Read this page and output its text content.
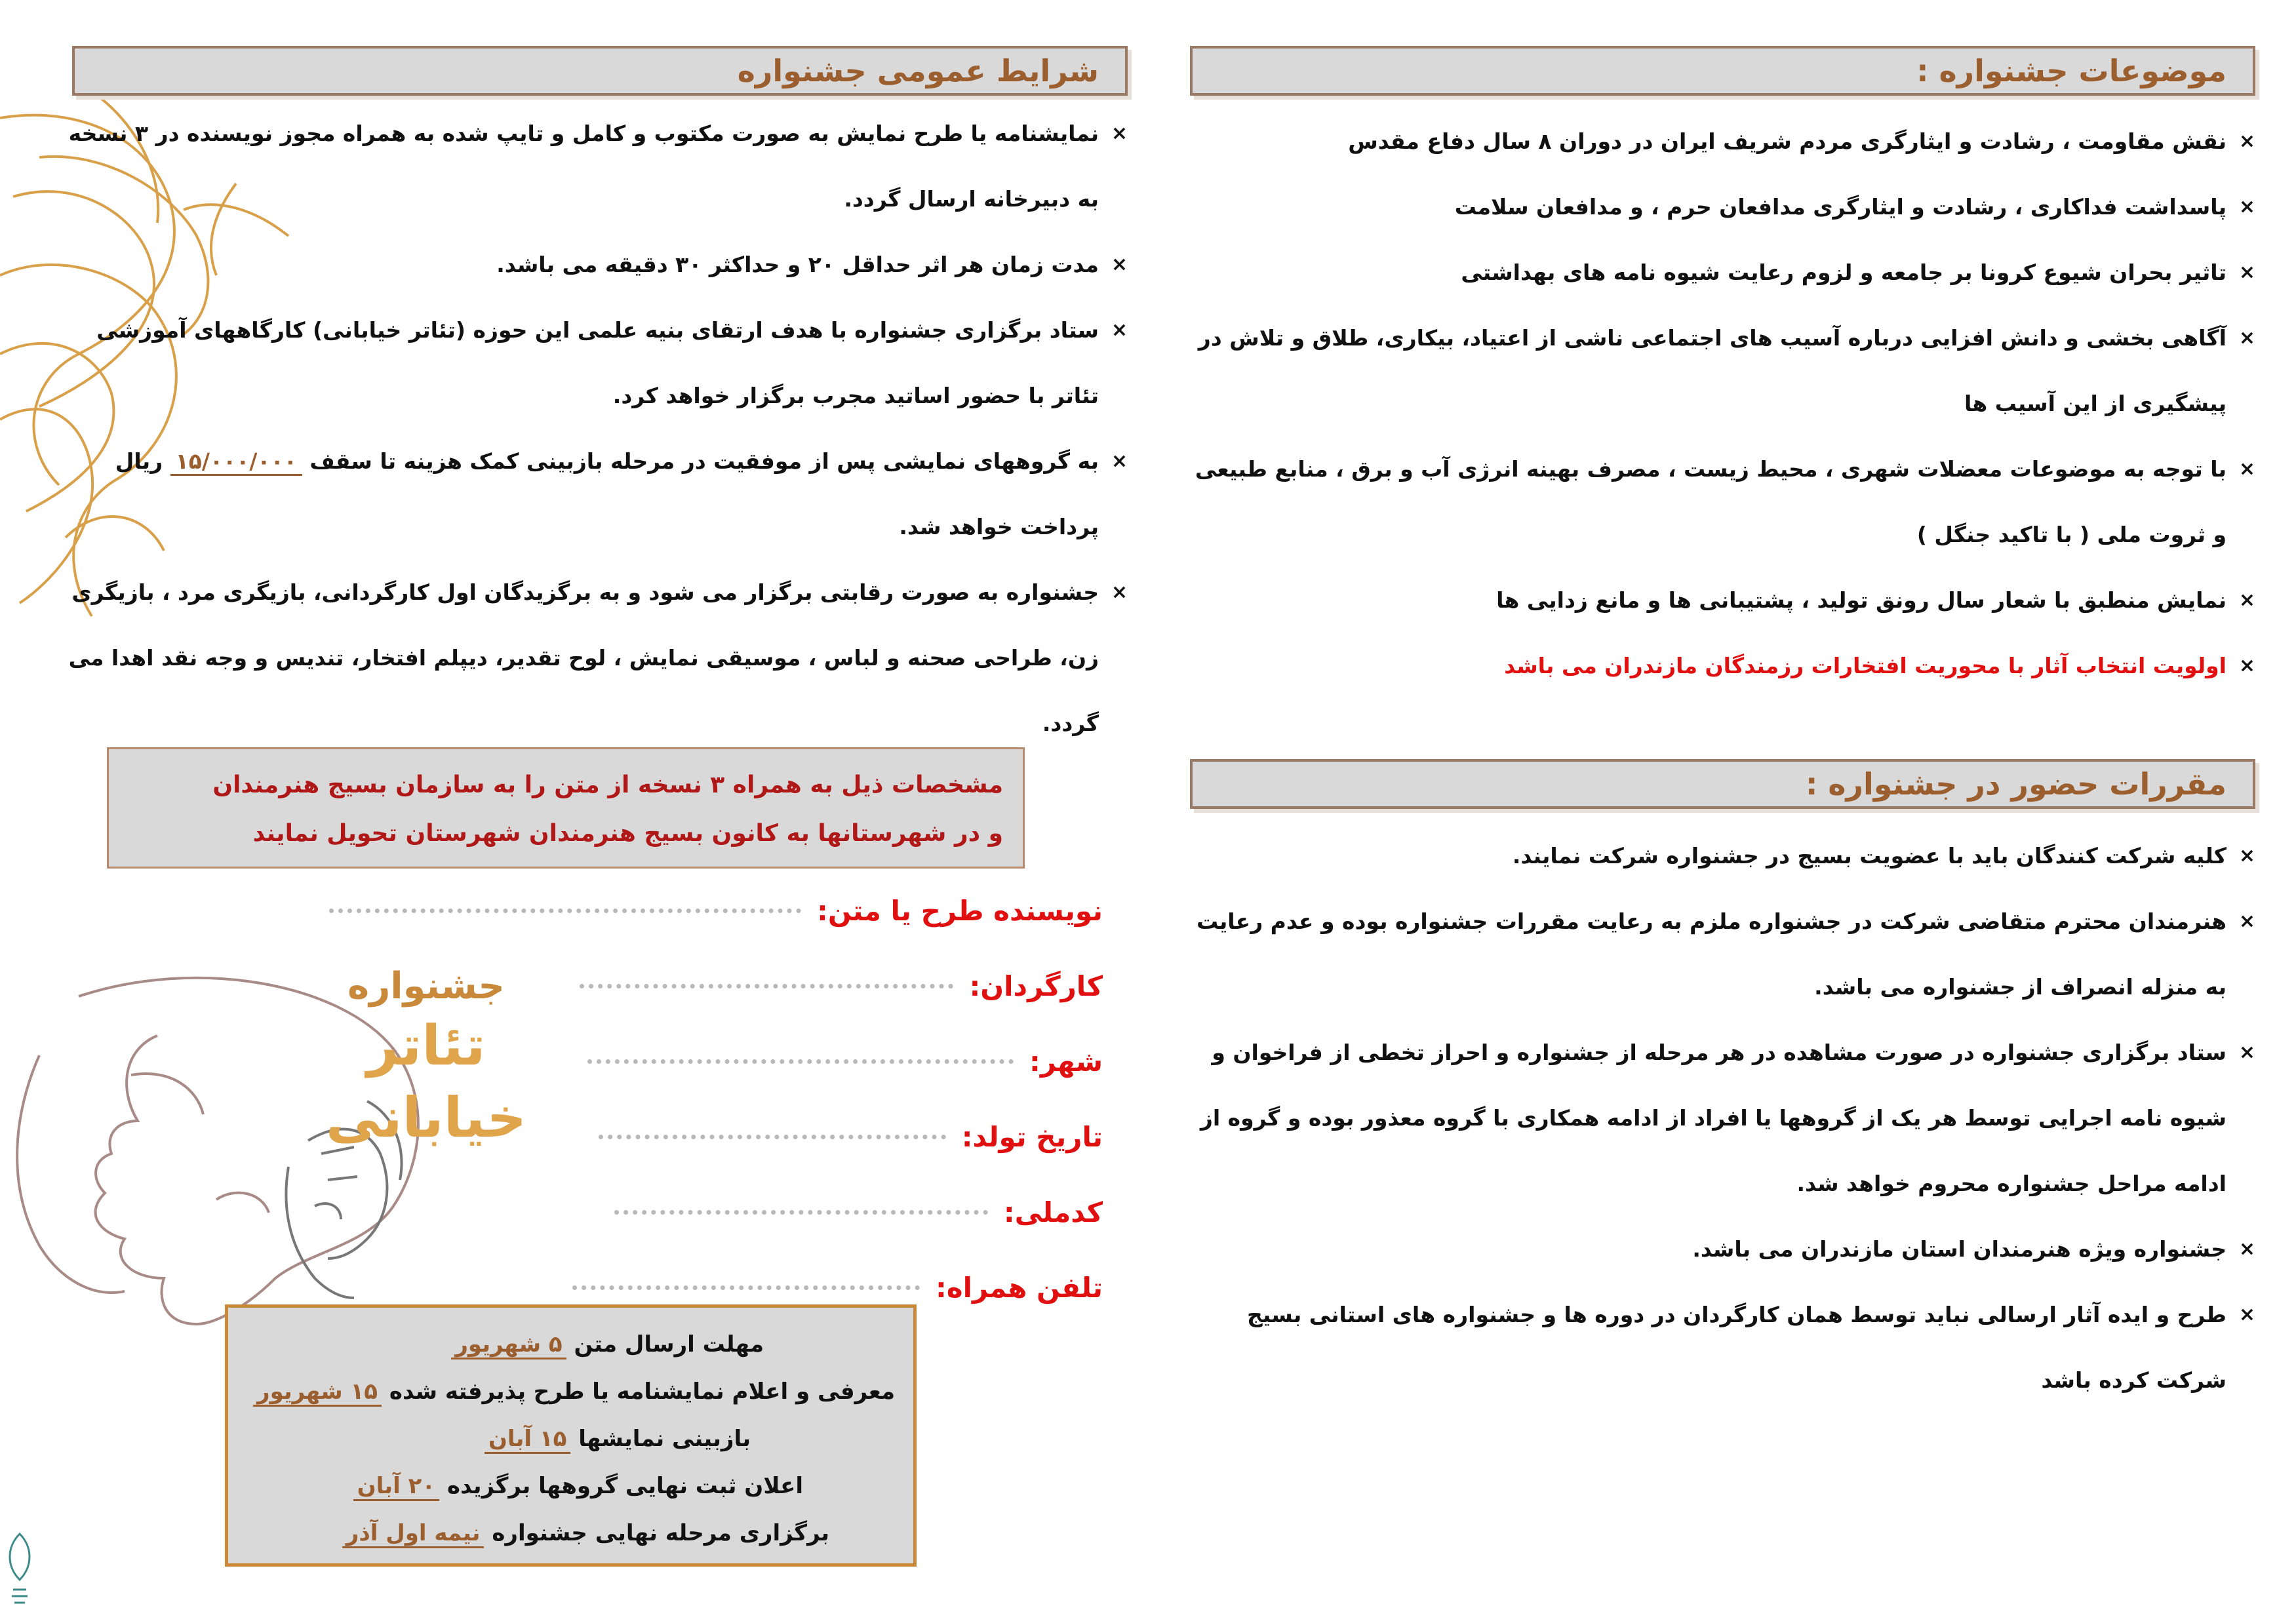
موضوعات جشنواره :
× نقش مقاومت ، رشادت و ایثارگری مردم شریف ایران در دوران ۸ سال دفاع مقدس
× پاسداشت فداکاری ، رشادت و ایثارگری مدافعان حرم ، و مدافعان سلامت
× تاثیر بحران شیوع کرونا بر جامعه و لزوم رعایت شیوه نامه های بهداشتی
× آگاهی بخشی و دانش افزایی درباره آسیب های اجتماعی ناشی از اعتیاد، بیکاری، طلاق و تلاش در پیشگیری از این آسیب ها
× با توجه به موضوعات معضلات شهری ، محیط زیست ، مصرف بهینه انرژی آب و برق ، منابع طبیعی و ثروت ملی ( با تاکید جنگل )
× نمایش منطبق با شعار سال رونق تولید ، پشتیبانی ها و مانع زدایی ها
× اولویت انتخاب آثار با محوریت افتخارات رزمندگان مازندران می باشد
مقررات حضور در جشنواره :
× کلیه شرکت کنندگان باید با عضویت بسیج در جشنواره شرکت نمایند.
× هنرمندان محترم متقاضی شرکت در جشنواره ملزم به رعایت مقررات جشنواره بوده و عدم رعایت به منزله انصراف از جشنواره می باشد.
× ستاد برگزاری جشنواره در صورت مشاهده در هر مرحله از جشنواره و احراز تخطی از فراخوان و شیوه نامه اجرایی توسط هر یک از گروهها یا افراد از ادامه همکاری با گروه معذور بوده و گروه از ادامه مراحل جشنواره محروم خواهد شد.
× جشنواره ویژه هنرمندان استان مازندران می باشد.
× طرح و ایده آثار ارسالی نباید توسط همان کارگردان در دوره ها و جشنواره های استانی بسیج شرکت کرده باشد
شرایط عمومی جشنواره
× نمایشنامه یا طرح نمایش به صورت مکتوب و کامل و تایپ شده به همراه مجوز نویسنده در ۳ نسخه به دبیرخانه ارسال گردد.
× مدت زمان هر اثر حداقل ۲۰ و حداکثر ۳۰ دقیقه می باشد.
× ستاد برگزاری جشنواره با هدف ارتقای بنیه علمی این حوزه (تئاتر خیابانی) کارگاههای آموزشی تئاتر با حضور اساتید مجرب برگزار خواهد کرد.
× به گروههای نمایشی پس از موفقیت در مرحله بازبینی کمک هزینه تا سقف ۱۵/۰۰۰/۰۰۰ ریال پرداخت خواهد شد.
× جشنواره به صورت رقابتی برگزار می شود و به برگزیدگان اول کارگردانی، بازیگری مرد ، بازیگری زن، طراحی صحنه و لباس ، موسیقی نمایش ، لوح تقدیر، دیپلم افتخار، تندیس و وجه نقد اهدا می گردد.
مشخصات ذیل به همراه ۳ نسخه از متن را به سازمان بسیج هنرمندان
و در شهرستانها به کانون بسیج هنرمندان شهرستان تحویل نمایند
جشنواره
تئاتر خیابانی
نویسنده طرح یا متن:
کارگردان:
شهر:
تاریخ تولد:
کدملی:
تلفن همراه:
مهلت ارسال متن ۵ شهریور
معرفی و اعلام نمایشنامه یا طرح پذیرفته شده ۱۵ شهریور
بازبینی نمایشها ۱۵ آبان
اعلان ثبت نهایی گروهها برگزیده ۲۰ آبان
برگزاری مرحله نهایی جشنواره نیمه اول آذر
